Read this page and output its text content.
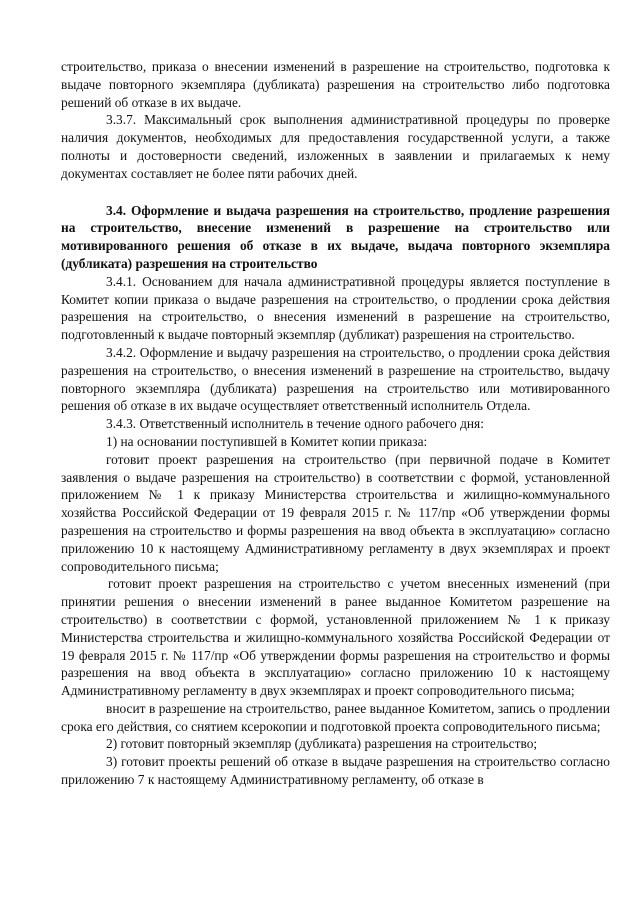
строительство, приказа о внесении изменений в разрешение на строительство, подготовка к выдаче повторного экземпляра (дубликата) разрешения на строительство либо подготовка решений об отказе в их выдаче.

3.3.7. Максимальный срок выполнения административной процедуры по проверке наличия документов, необходимых для предоставления государственной услуги, а также полноты и достоверности сведений, изложенных в заявлении и прилагаемых к нему документах составляет не более пяти рабочих дней.

3.4. Оформление и выдача разрешения на строительство, продление разрешения на строительство, внесение изменений в разрешение на строительство или мотивированного решения об отказе в их выдаче, выдача повторного экземпляра (дубликата) разрешения на строительство

3.4.1. Основанием для начала административной процедуры является поступление в Комитет копии приказа о выдаче разрешения на строительство, о продлении срока действия разрешения на строительство, о внесения изменений в разрешение на строительство, подготовленный к выдаче повторный экземпляр (дубликат) разрешения на строительство.

3.4.2. Оформление и выдачу разрешения на строительство, о продлении срока действия разрешения на строительство, о внесения изменений в разрешение на строительство, выдачу повторного экземпляра (дубликата) разрешения на строительство или мотивированного решения об отказе в их выдаче осуществляет ответственный исполнитель Отдела.

3.4.3. Ответственный исполнитель в течение одного рабочего дня:

1) на основании поступившей в Комитет копии приказа:

готовит проект разрешения на строительство (при первичной подаче в Комитет заявления о выдаче разрешения на строительство) в соответствии с формой, установленной приложением № 1 к приказу Министерства строительства и жилищно-коммунального хозяйства Российской Федерации от 19 февраля 2015 г. № 117/пр «Об утверждении формы разрешения на строительство и формы разрешения на ввод объекта в эксплуатацию» согласно приложению 10 к настоящему Административному регламенту в двух экземплярах и проект сопроводительного письма;

готовит проект разрешения на строительство с учетом внесенных изменений (при принятии решения о внесении изменений в ранее выданное Комитетом разрешение на строительство) в соответствии с формой, установленной приложением № 1 к приказу Министерства строительства и жилищно-коммунального хозяйства Российской Федерации от 19 февраля 2015 г. № 117/пр «Об утверждении формы разрешения на строительство и формы разрешения на ввод объекта в эксплуатацию» согласно приложению 10 к настоящему Административному регламенту в двух экземплярах и проект сопроводительного письма;

вносит в разрешение на строительство, ранее выданное Комитетом, запись о продлении срока его действия, со снятием ксерокопии и подготовкой проекта сопроводительного письма;

2) готовит повторный экземпляр (дубликата) разрешения на строительство;

3) готовит проекты решений об отказе в выдаче разрешения на строительство согласно приложению 7 к настоящему Административному регламенту, об отказе в
